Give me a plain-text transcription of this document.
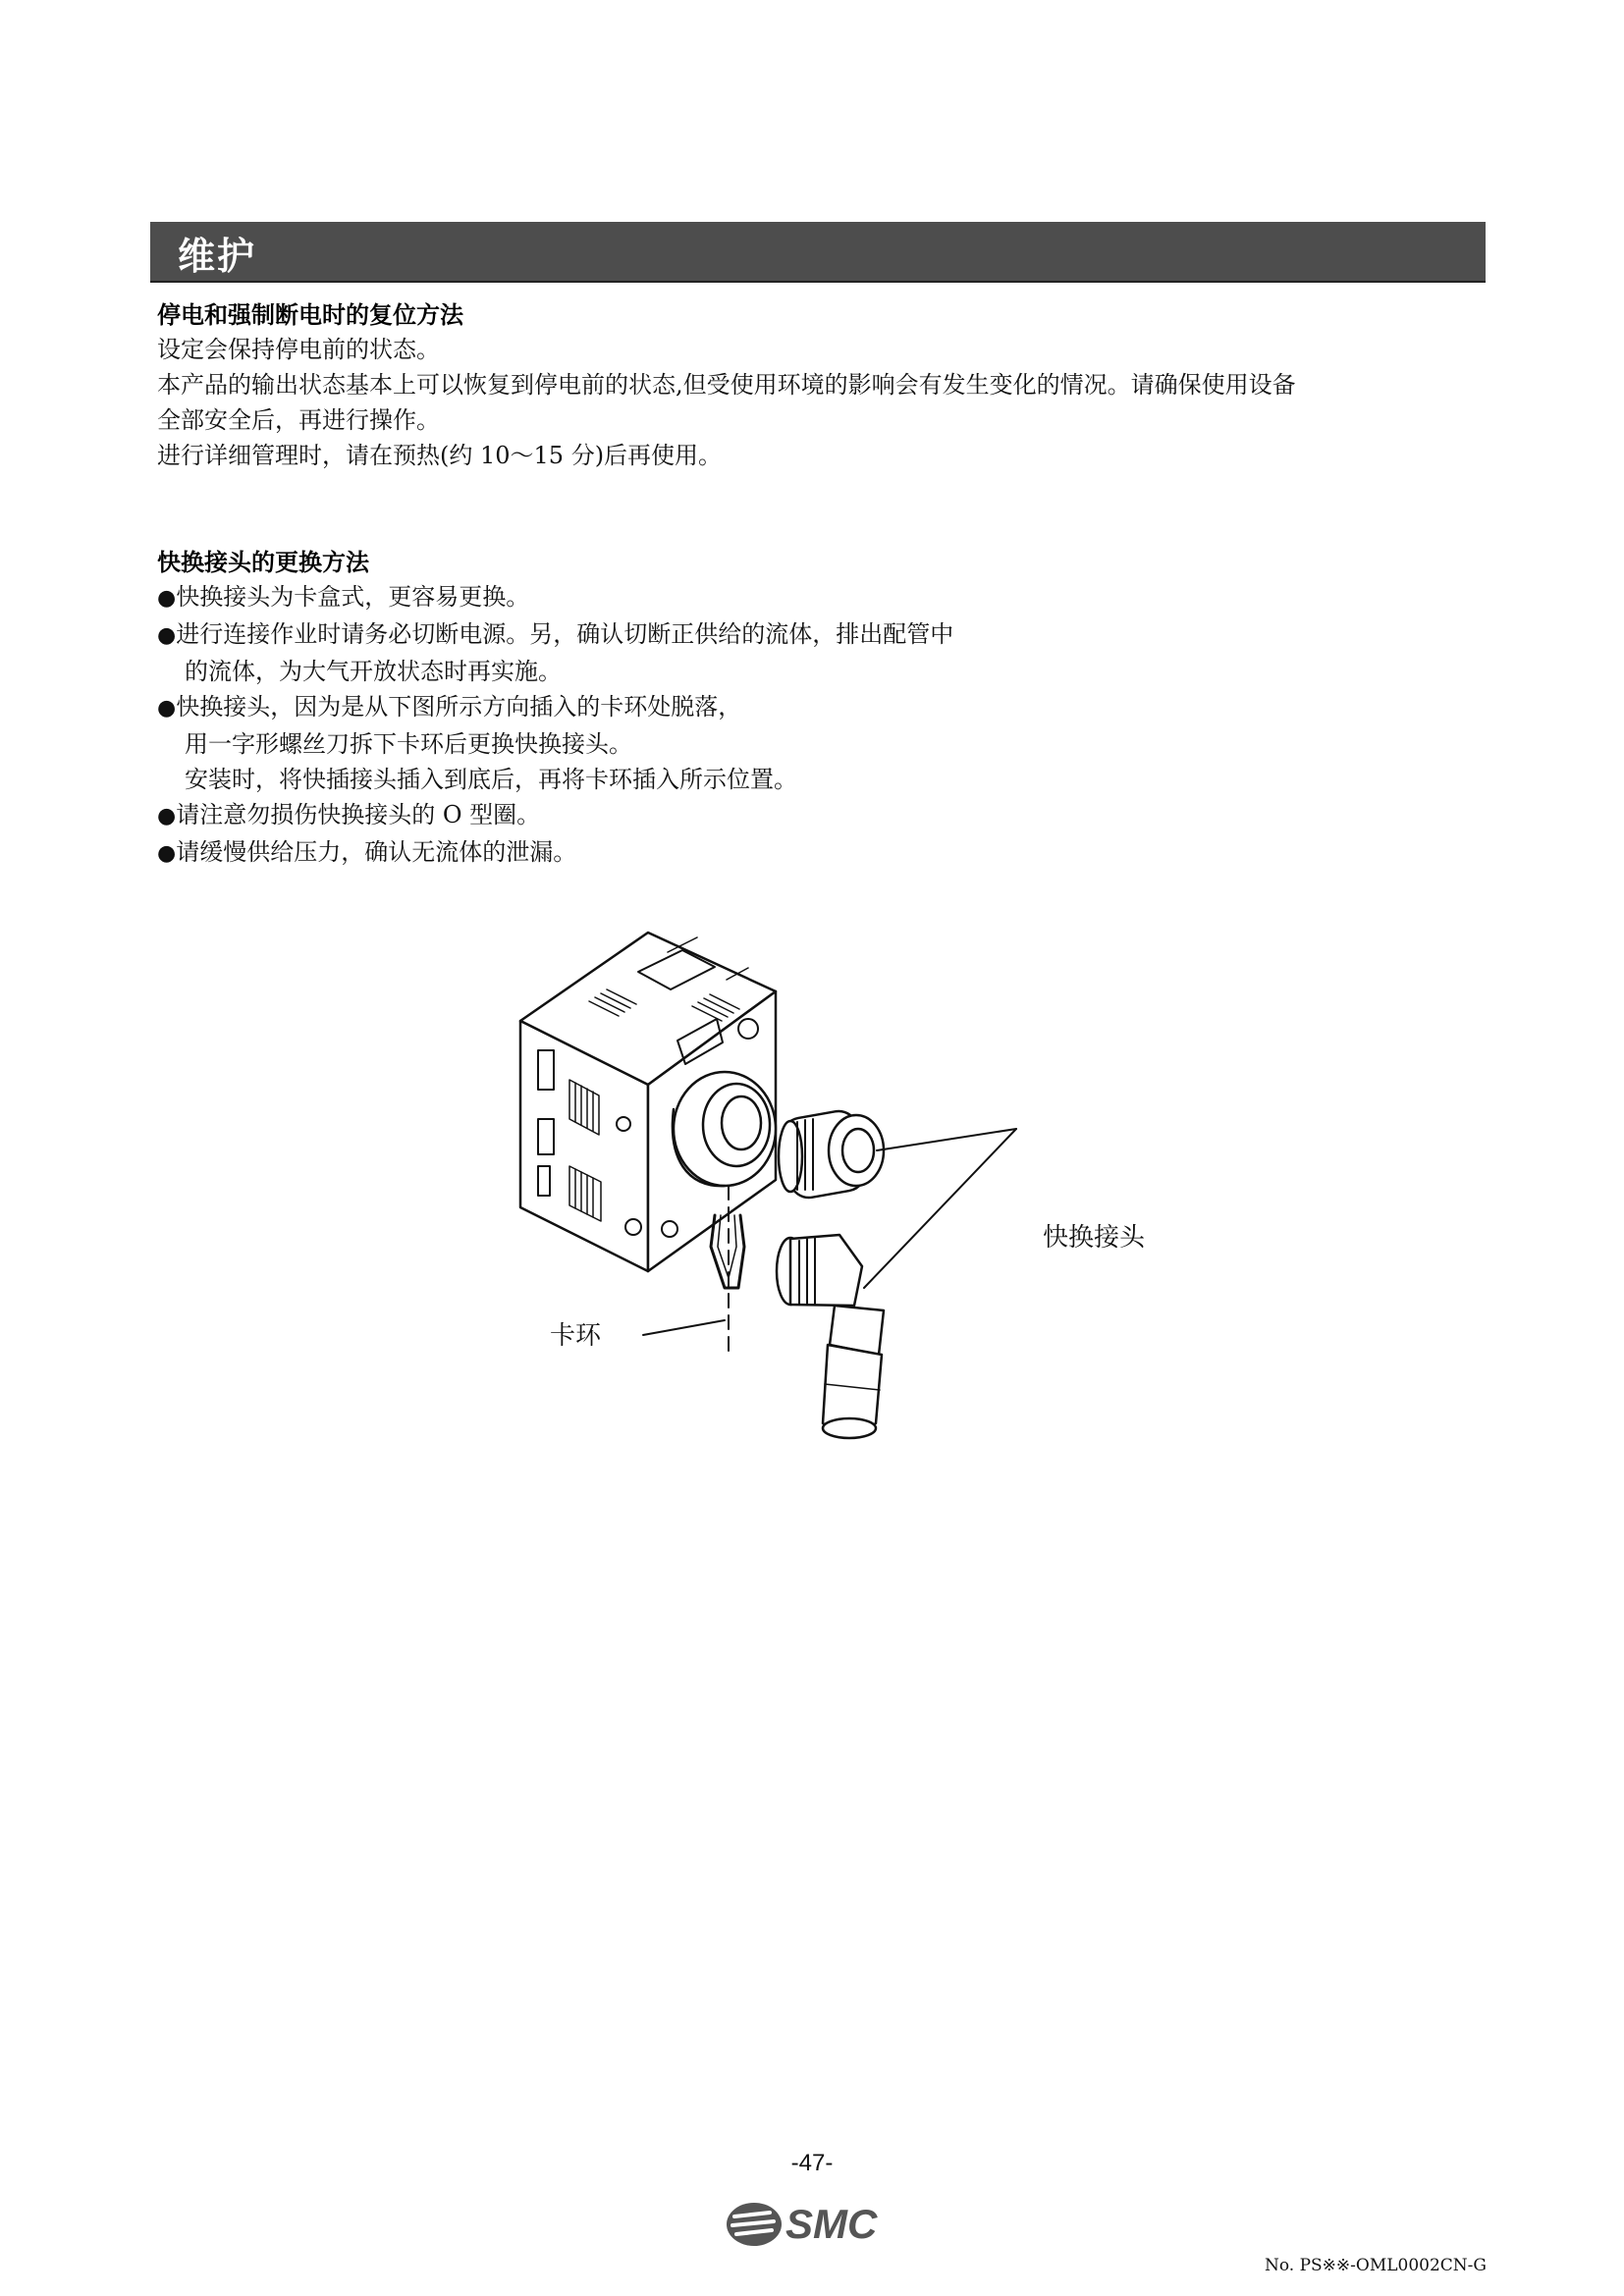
维护
停电和强制断电时的复位方法
设定会保持停电前的状态。
本产品的输出状态基本上可以恢复到停电前的状态,但受使用环境的影响会有发生变化的情况。请确保使用设备
全部安全后，再进行操作。
进行详细管理时，请在预热(约 10～15 分)后再使用。
快换接头的更换方法
●快换接头为卡盒式，更容易更换。
●进行连接作业时请务必切断电源。另，确认切断正供给的流体，排出配管中
的流体，为大气开放状态时再实施。
●快换接头，因为是从下图所示方向插入的卡环处脱落，
用一字形螺丝刀拆下卡环后更换快换接头。
安装时，将快插接头插入到底后，再将卡环插入所示位置。
●请注意勿损伤快换接头的 O 型圈。
●请缓慢供给压力，确认无流体的泄漏。
快换接头
卡环
-47-
SMC
No. PS※※-OML0002CN-G
